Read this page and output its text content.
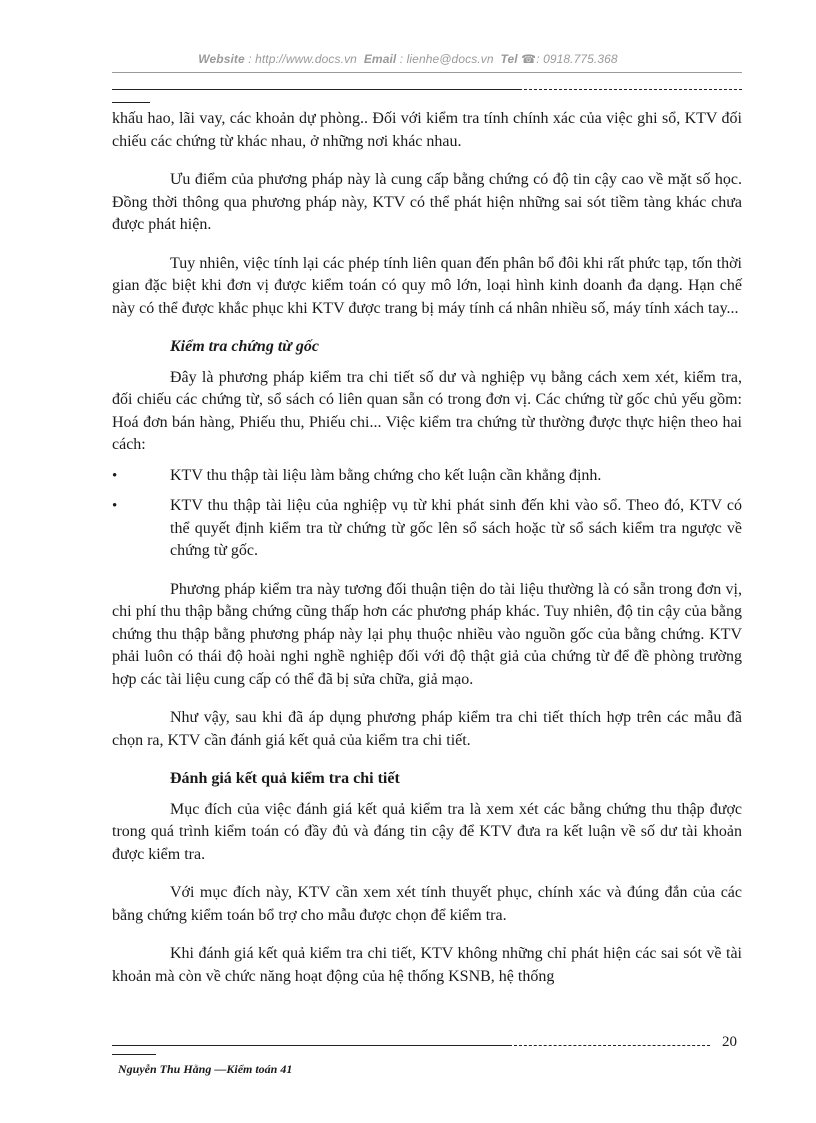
Website : http://www.docs.vn Email : lienhe@docs.vn Tel ☎: 0918.775.368

khấu hao, lãi vay, các khoản dự phòng.. Đối với kiểm tra tính chính xác của việc ghi sổ, KTV đối chiếu các chứng từ khác nhau, ở những nơi khác nhau.

Ưu điểm của phương pháp này là cung cấp bằng chứng có độ tin cậy cao về mặt số học. Đồng thời thông qua phương pháp này, KTV có thể phát hiện những sai sót tiềm tàng khác chưa được phát hiện.

Tuy nhiên, việc tính lại các phép tính liên quan đến phân bổ đôi khi rất phức tạp, tốn thời gian đặc biệt khi đơn vị được kiểm toán có quy mô lớn, loại hình kinh doanh đa dạng. Hạn chế này có thể được khắc phục khi KTV được trang bị máy tính cá nhân nhiều số, máy tính xách tay...

Kiểm tra chứng từ gốc

Đây là phương pháp kiểm tra chi tiết số dư và nghiệp vụ bằng cách xem xét, kiểm tra, đối chiếu các chứng từ, sổ sách có liên quan sẵn có trong đơn vị. Các chứng từ gốc chủ yếu gồm: Hoá đơn bán hàng, Phiếu thu, Phiếu chi... Việc kiểm tra chứng từ thường được thực hiện theo hai cách:

•	KTV thu thập tài liệu làm bằng chứng cho kết luận cần khẳng định.

•	KTV thu thập tài liệu của nghiệp vụ từ khi phát sinh đến khi vào sổ. Theo đó, KTV có thể quyết định kiểm tra từ chứng từ gốc lên sổ sách hoặc từ sổ sách kiểm tra ngược về chứng từ gốc.

Phương pháp kiểm tra này tương đối thuận tiện do tài liệu thường là có sẵn trong đơn vị, chi phí thu thập bằng chứng cũng thấp hơn các phương pháp khác. Tuy nhiên, độ tin cậy của bằng chứng thu thập bằng phương pháp này lại phụ thuộc nhiều vào nguồn gốc của bằng chứng. KTV phải luôn có thái độ hoài nghi nghề nghiệp đối với độ thật giả của chứng từ để đề phòng trường hợp các tài liệu cung cấp có thể đã bị sửa chữa, giả mạo.

Như vậy, sau khi đã áp dụng phương pháp kiểm tra chi tiết thích hợp trên các mẫu đã chọn ra, KTV cần đánh giá kết quả của kiểm tra chi tiết.

Đánh giá kết quả kiểm tra chi tiết

Mục đích của việc đánh giá kết quả kiểm tra là xem xét các bằng chứng thu thập được trong quá trình kiểm toán có đầy đủ và đáng tin cậy để KTV đưa ra kết luận về số dư tài khoản được kiểm tra.

Với mục đích này, KTV cần xem xét tính thuyết phục, chính xác và đúng đắn của các bằng chứng kiểm toán bổ trợ cho mẫu được chọn để kiểm tra.

Khi đánh giá kết quả kiểm tra chi tiết, KTV không những chỉ phát hiện các sai sót về tài khoản mà còn về chức năng hoạt động của hệ thống KSNB, hệ thống

20
Nguyễn Thu Hằng —Kiểm toán 41
